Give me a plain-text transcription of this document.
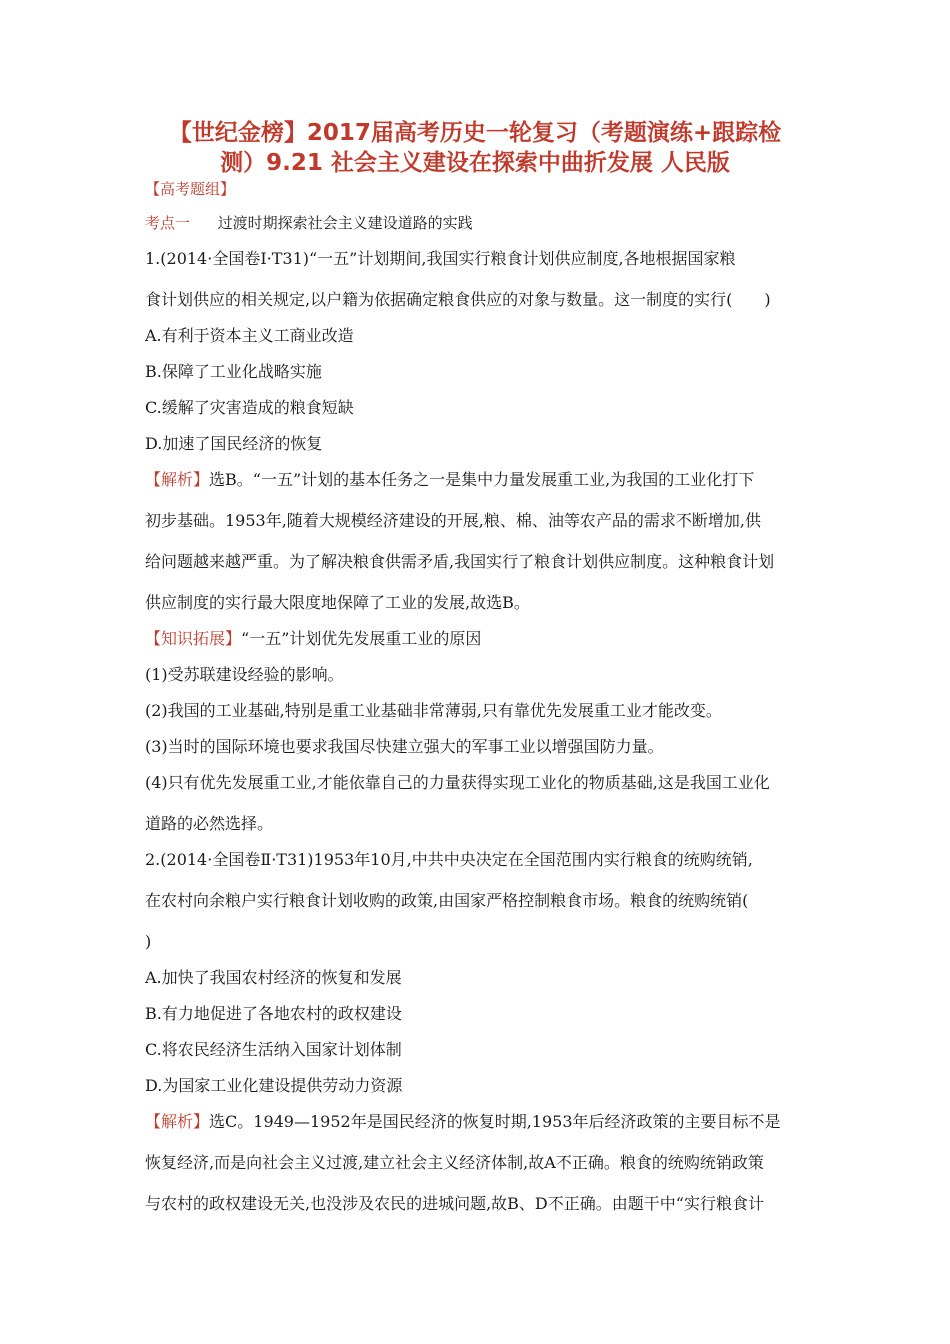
【世纪金榜】2017届高考历史一轮复习（考题演练+跟踪检
测）9.21 社会主义建设在探索中曲折发展 人民版
【高考题组】
考点一 过渡时期探索社会主义建设道路的实践
1.(2014·全国卷Ⅰ·T31)“一五”计划期间,我国实行粮食计划供应制度,各地根据国家粮
食计划供应的相关规定,以户籍为依据确定粮食供应的对象与数量。这一制度的实行(　　)
A.有利于资本主义工商业改造
B.保障了工业化战略实施
C.缓解了灾害造成的粮食短缺
D.加速了国民经济的恢复
【解析】选B。“一五”计划的基本任务之一是集中力量发展重工业,为我国的工业化打下
初步基础。1953年,随着大规模经济建设的开展,粮、棉、油等农产品的需求不断增加,供
给问题越来越严重。为了解决粮食供需矛盾,我国实行了粮食计划供应制度。这种粮食计划
供应制度的实行最大限度地保障了工业的发展,故选B。
【知识拓展】“一五”计划优先发展重工业的原因
(1)受苏联建设经验的影响。
(2)我国的工业基础,特别是重工业基础非常薄弱,只有靠优先发展重工业才能改变。
(3)当时的国际环境也要求我国尽快建立强大的军事工业以增强国防力量。
(4)只有优先发展重工业,才能依靠自己的力量获得实现工业化的物质基础,这是我国工业化
道路的必然选择。
2.(2014·全国卷Ⅱ·T31)1953年10月,中共中央决定在全国范围内实行粮食的统购统销,
在农村向余粮户实行粮食计划收购的政策,由国家严格控制粮食市场。粮食的统购统销(
)
A.加快了我国农村经济的恢复和发展
B.有力地促进了各地农村的政权建设
C.将农民经济生活纳入国家计划体制
D.为国家工业化建设提供劳动力资源
【解析】选C。1949—1952年是国民经济的恢复时期,1953年后经济政策的主要目标不是
恢复经济,而是向社会主义过渡,建立社会主义经济体制,故A不正确。粮食的统购统销政策
与农村的政权建设无关,也没涉及农民的进城问题,故B、D不正确。由题干中“实行粮食计
